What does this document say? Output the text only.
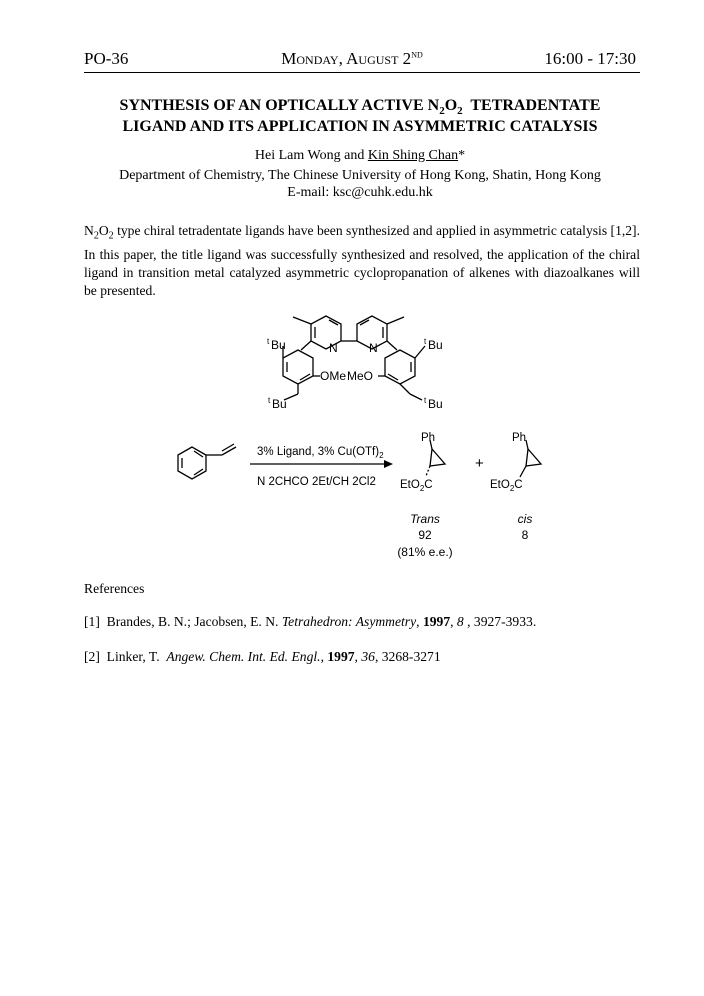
PO-36	Monday, August 2ND	16:00 - 17:30
SYNTHESIS OF AN OPTICALLY ACTIVE $N_2O_2$  TETRADENTATE
LIGAND AND ITS APPLICATION IN ASYMMETRIC CATALYSIS
Hei Lam Wong and Kin Shing Chan*
Department of Chemistry, The Chinese University of Hong Kong, Shatin, Hong Kong
E-mail: ksc@cuhk.edu.hk
$N_2O_2$ type chiral tetradentate ligands have been synthesized and applied in asymmetric catalysis [1,2]. In this paper, the title ligand was successfully synthesized and resolved, the application of the chiral ligand in transition metal catalyzed asymmetric cyclopropanation of alkenes with diazoalkanes will be presented.
N	N
OMe MeO
t Bu	t Bu
t Bu	t Bu
3% Ligand, 3% $Cu(OTf)_2$
N 2CHCO 2Et/CH 2Cl2
Ph
EtO$_2$C
+
Ph
EtO$_2$C
Trans
92
(81% e.e.)
cis
8
References
[1] Brandes, B. N.; Jacobsen, E. N. Tetrahedron: Asymmetry, 1997, 8 , 3927-3933.
[2] Linker, T.  Angew. Chem. Int. Ed. Engl., 1997, 36, 3268-3271
